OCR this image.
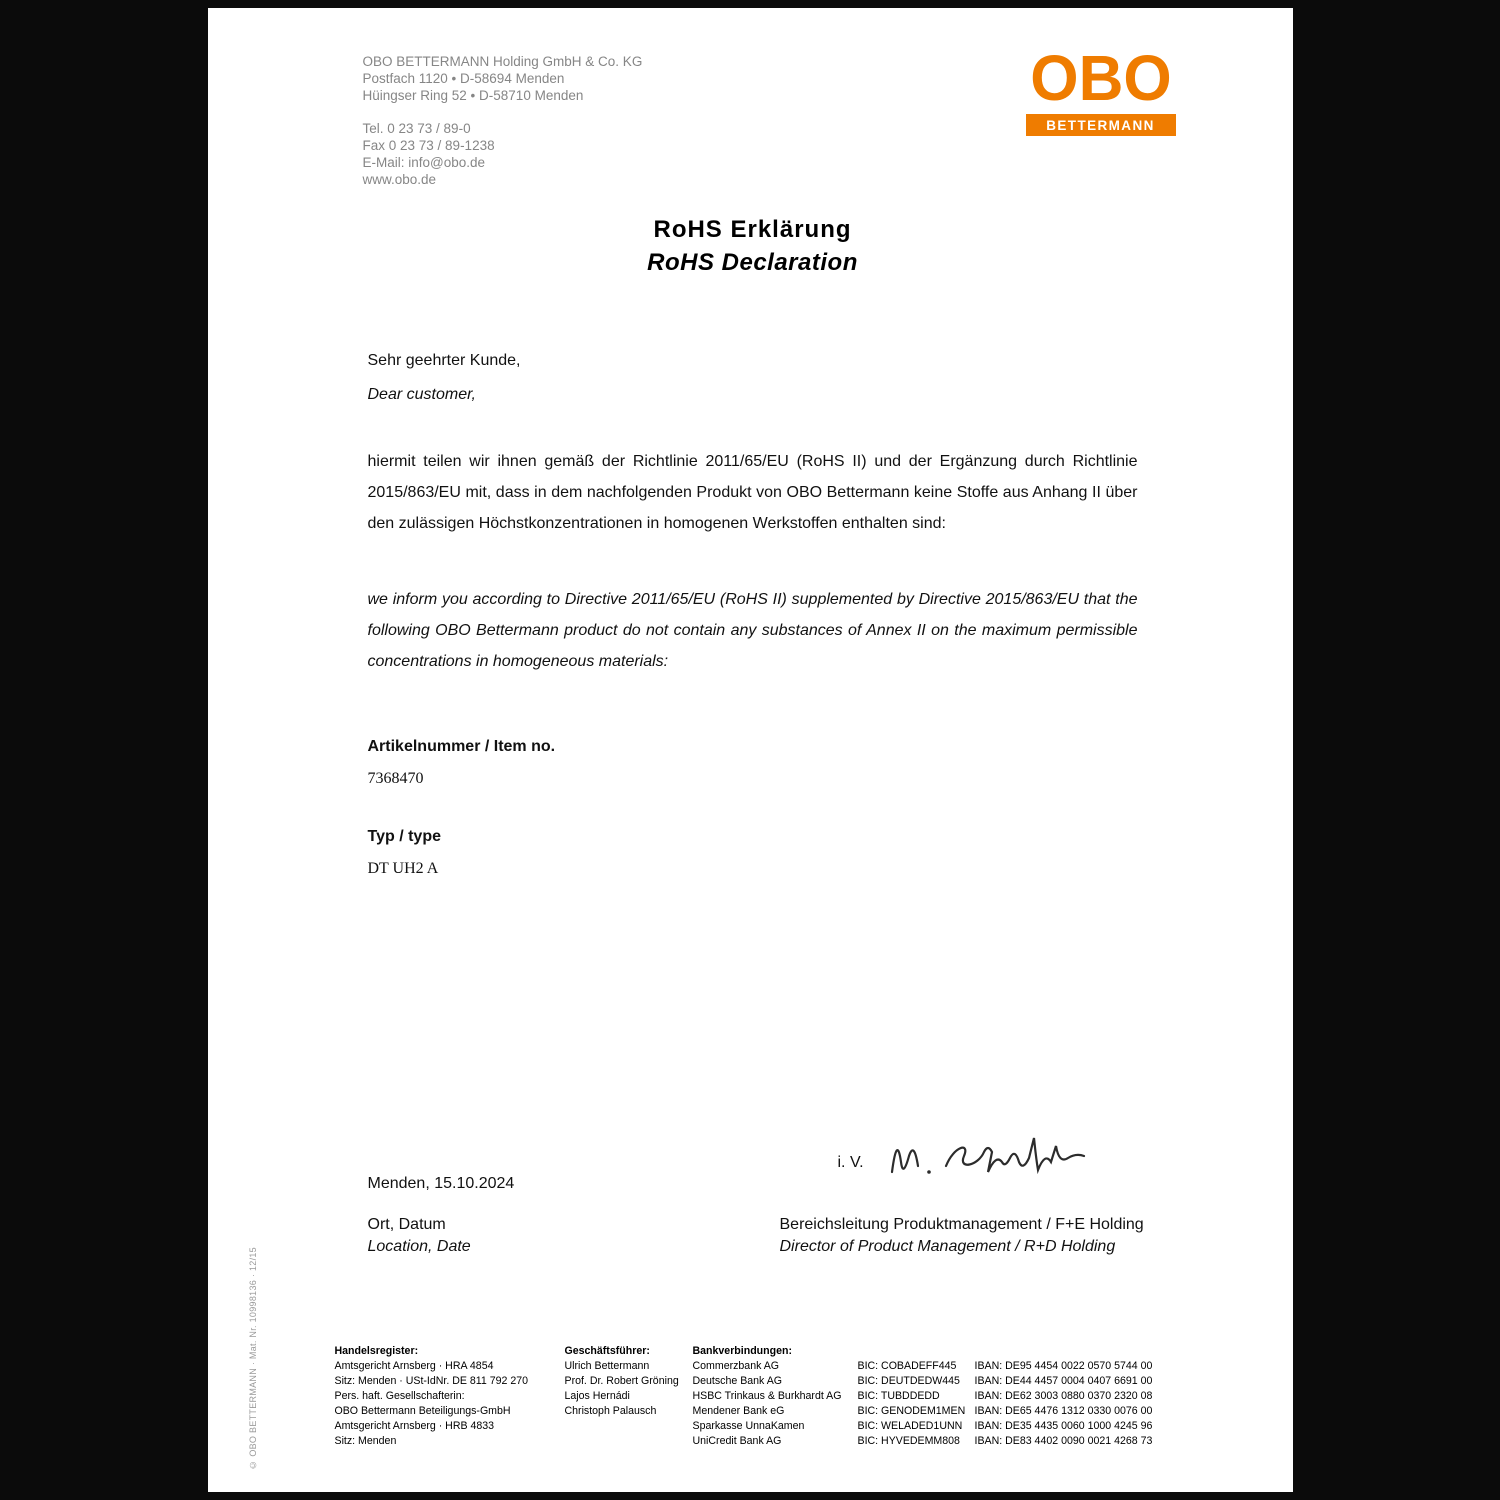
© OBO BETTERMANN · Mat. Nr. 10998136 · 12/15
OBO BETTERMANN Holding GmbH & Co. KG
Postfach 1120 • D-58694 Menden
Hüingser Ring 52 • D-58710 Menden
Tel. 0 23 73 / 89-0
Fax 0 23 73 / 89-1238
E-Mail: info@obo.de
www.obo.de
OBO
BETTERMANN
RoHS Erklärung
RoHS Declaration

Sehr geehrter Kunde,

Dear customer,

hiermit teilen wir ihnen gemäß der Richtlinie 2011/65/EU (RoHS II) und der Ergänzung durch Richtlinie 2015/863/EU mit, dass in dem nachfolgenden Produkt von OBO Bettermann keine Stoffe aus Anhang II über den zulässigen Höchstkonzentrationen in homogenen Werkstoffen enthalten sind:

we inform you according to Directive 2011/65/EU (RoHS II) supplemented by Directive 2015/863/EU that the following OBO Bettermann product do not contain any substances of Annex II on the maximum permissible concentrations in homogeneous materials:

Artikelnummer / Item no.

7368470

Typ / type

DT UH2 A

i. V.

Menden, 15.10.2024

Ort, Datum

Location, Date

Bereichsleitung Produktmanagement / F+E Holding

Director of Product Management / R+D Holding

Handelsregister:
Amtsgericht Arnsberg · HRA 4854
Sitz: Menden · USt-IdNr. DE 811 792 270
Pers. haft. Gesellschafterin:
OBO Bettermann Beteiligungs-GmbH
Amtsgericht Arnsberg · HRB 4833
Sitz: Menden
Geschäftsführer:
Ulrich Bettermann
Prof. Dr. Robert Gröning
Lajos Hernádi
Christoph Palausch
Bankverbindungen:
Commerzbank AG	BIC: COBADEFF445	IBAN: DE95 4454 0022 0570 5744 00
Deutsche Bank AG	BIC: DEUTDEDW445	IBAN: DE44 4457 0004 0407 6691 00
HSBC Trinkaus & Burkhardt AG	BIC: TUBDDEDD	IBAN: DE62 3003 0880 0370 2320 08
Mendener Bank eG	BIC: GENODEM1MEN IBAN: DE65 4476 1312 0330 0076 00
Sparkasse UnnaKamen	BIC: WELADED1UNN	IBAN: DE35 4435 0060 1000 4245 96
UniCredit Bank AG	BIC: HYVEDEMM808	IBAN: DE83 4402 0090 0021 4268 73
